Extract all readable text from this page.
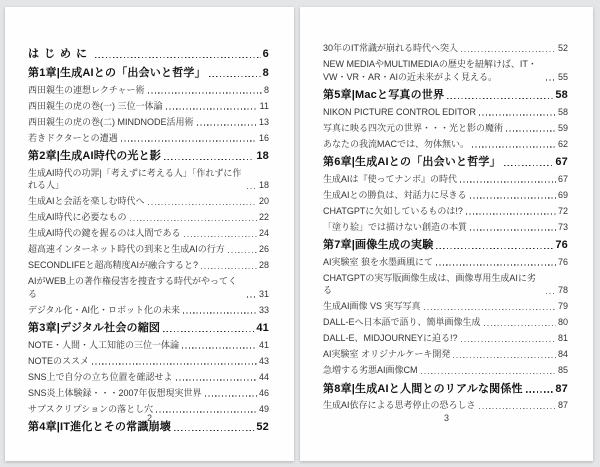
はじめに	6
第1章|生成AIとの「出会いと哲学」	8
西田親生の連想レクチャー術	8
西田親生の虎の巻(一) 三位一体論	11
西田親生の虎の巻(二) MINDNODE活用術	13
若きドクターとの遭遇	16
第2章|生成AI時代の光と影	18
生成AI時代の功罪|「考えずに考える人」「作れずに作れる人」	18
生成AIと会話を楽しむ時代へ	20
生成AI時代に必要なもの	22
生成AI時代の鍵を握るのは人間である	24
超高速インターネット時代の到来と生成AIの行方	26
SECONDLIFEと超高精度AIが融合すると?	28
AIがWEB上の著作権侵害を捜査する時代がやってくる	31
デジタル化・AI化・ロボット化の未来	33
第3章|デジタル社会の縮図	41
NOTE・人間・人工知能の三位一体論	41
NOTEのススメ	43
SNS上で自分の立ち位置を確認せよ	44
SNS炎上体験録・・・2007年仮想現実世界	46
サブスクリプションの落とし穴	49
第4章|IT進化とその常識崩壊	52
2
30年のIT常識が崩れる時代へ突入	52
NEW MEDIAやMULTIMEDIAの歴史を紐解けば、IT・VW・VR・AR・AIの近未来がよく見える。	55
第5章|Macと写真の世界	58
NIKON PICTURE CONTROL EDITOR	58
写真に映る四次元の世界・・・光と影の魔術	59
あなたの我流MACでは、勿体無い。	62
第6章|生成AIとの「出会いと哲学」	67
生成AIは『使ってナンボ』の時代	67
生成AIとの勝負は、対話力に尽きる	69
CHATGPTに欠如しているものは!?	72
「塗り絵」では描けない創造の本質	73
第7章|画像生成の実験	76
AI実験室 狼を水墨画風にて	76
CHATGPTの実写版画像生成は、画像専用生成AIに劣る	78
生成AI画像 VS 実写写真	79
DALL-Eへ日本語で語り、簡単画像生成	80
DALL-E、MIDJOURNEYに迫る!?	81
AI実験室 オリジナルケーキ開発	84
急増する劣悪AI画像CM	85
第8章|生成AIと人間とのリアルな関係性	87
生成AI依存による思考停止の恐ろしさ	87
3
